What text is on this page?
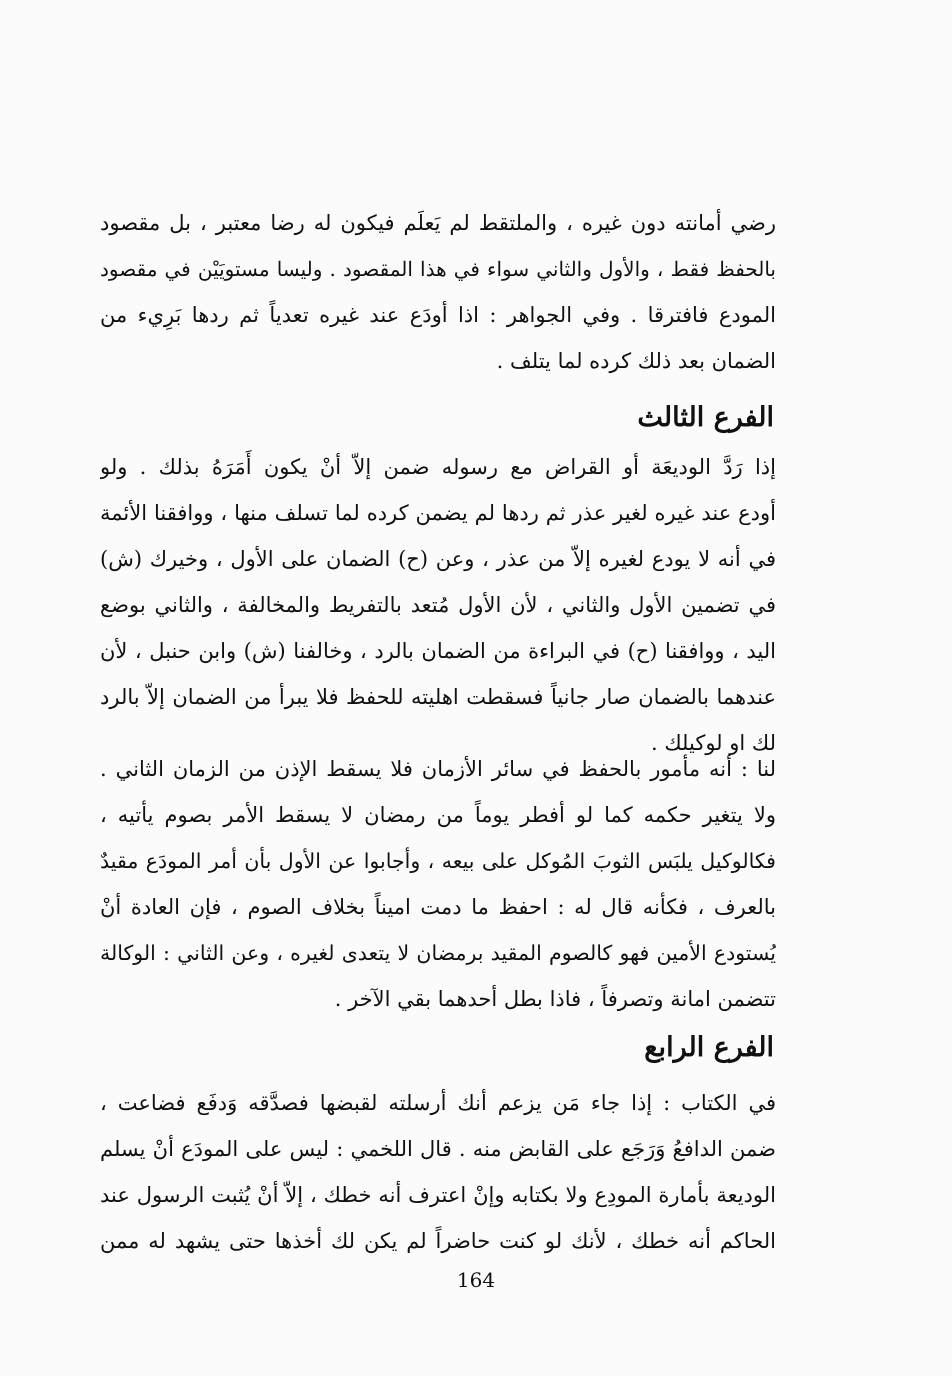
رضي أمانته دون غيره ، والملتقط لم يَعلَم فيكون له رضا معتبر ، بل مقصود
بالحفظ فقط ، والأول والثاني سواء في هذا المقصود . وليسا مستويَيْن في مقصود
المودع فافترقا . وفي الجواهر : اذا أودَع عند غيره تعدياً ثم ردها بَرِيء من
الضمان بعد ذلك كرده لما يتلف .
الفرع الثالث
إذا رَدَّ الوديعَة أو القراض مع رسوله ضمن إلاّ أنْ يكون أَمَرَهُ بذلك . ولو
أودع عند غيره لغير عذر ثم ردها لم يضمن كرده لما تسلف منها ، ووافقنا الأئمة
في أنه لا يودع لغيره إلاّ من عذر ، وعن (ح) الضمان على الأول ، وخيرك (ش)
في تضمين الأول والثاني ، لأن الأول مُتعد بالتفريط والمخالفة ، والثاني بوضع
اليد ، ووافقنا (ح) في البراءة من الضمان بالرد ، وخالفنا (ش) وابن حنبل ، لأن
عندهما بالضمان صار جانياً فسقطت اهليته للحفظ فلا يبرأ من الضمان إلاّ بالرد
لك او لوكيلك .
لنا : أنه مأمور بالحفظ في سائر الأزمان فلا يسقط الإذن من الزمان الثاني .
ولا يتغير حكمه كما لو أفطر يوماً من رمضان لا يسقط الأمر بصوم يأتيه ،
فكالوكيل يلبَس الثوبَ المُوكل على بيعه ، وأجابوا عن الأول بأن أمر المودَع مقيدٌ
بالعرف ، فكأنه قال له : احفظ ما دمت اميناً بخلاف الصوم ، فإن العادة أنْ
يُستودع الأمين فهو كالصوم المقيد برمضان لا يتعدى لغيره ، وعن الثاني : الوكالة
تتضمن امانة وتصرفاً ، فاذا بطل أحدهما بقي الآخر .
الفرع الرابع
في الكتاب : إذا جاء مَن يزعم أنك أرسلته لقبضها فصدَّقه وَدفَع فضاعت ،
ضمن الدافعُ وَرَجَع على القابض منه . قال اللخمي : ليس على المودَع أنْ يسلم
الوديعة بأمارة المودِع ولا بكتابه وإنْ اعترف أنه خطك ، إلاّ أنْ يُثبت الرسول عند
الحاكم أنه خطك ، لأنك لو كنت حاضراً لم يكن لك أخذها حتى يشهد له ممن
164
